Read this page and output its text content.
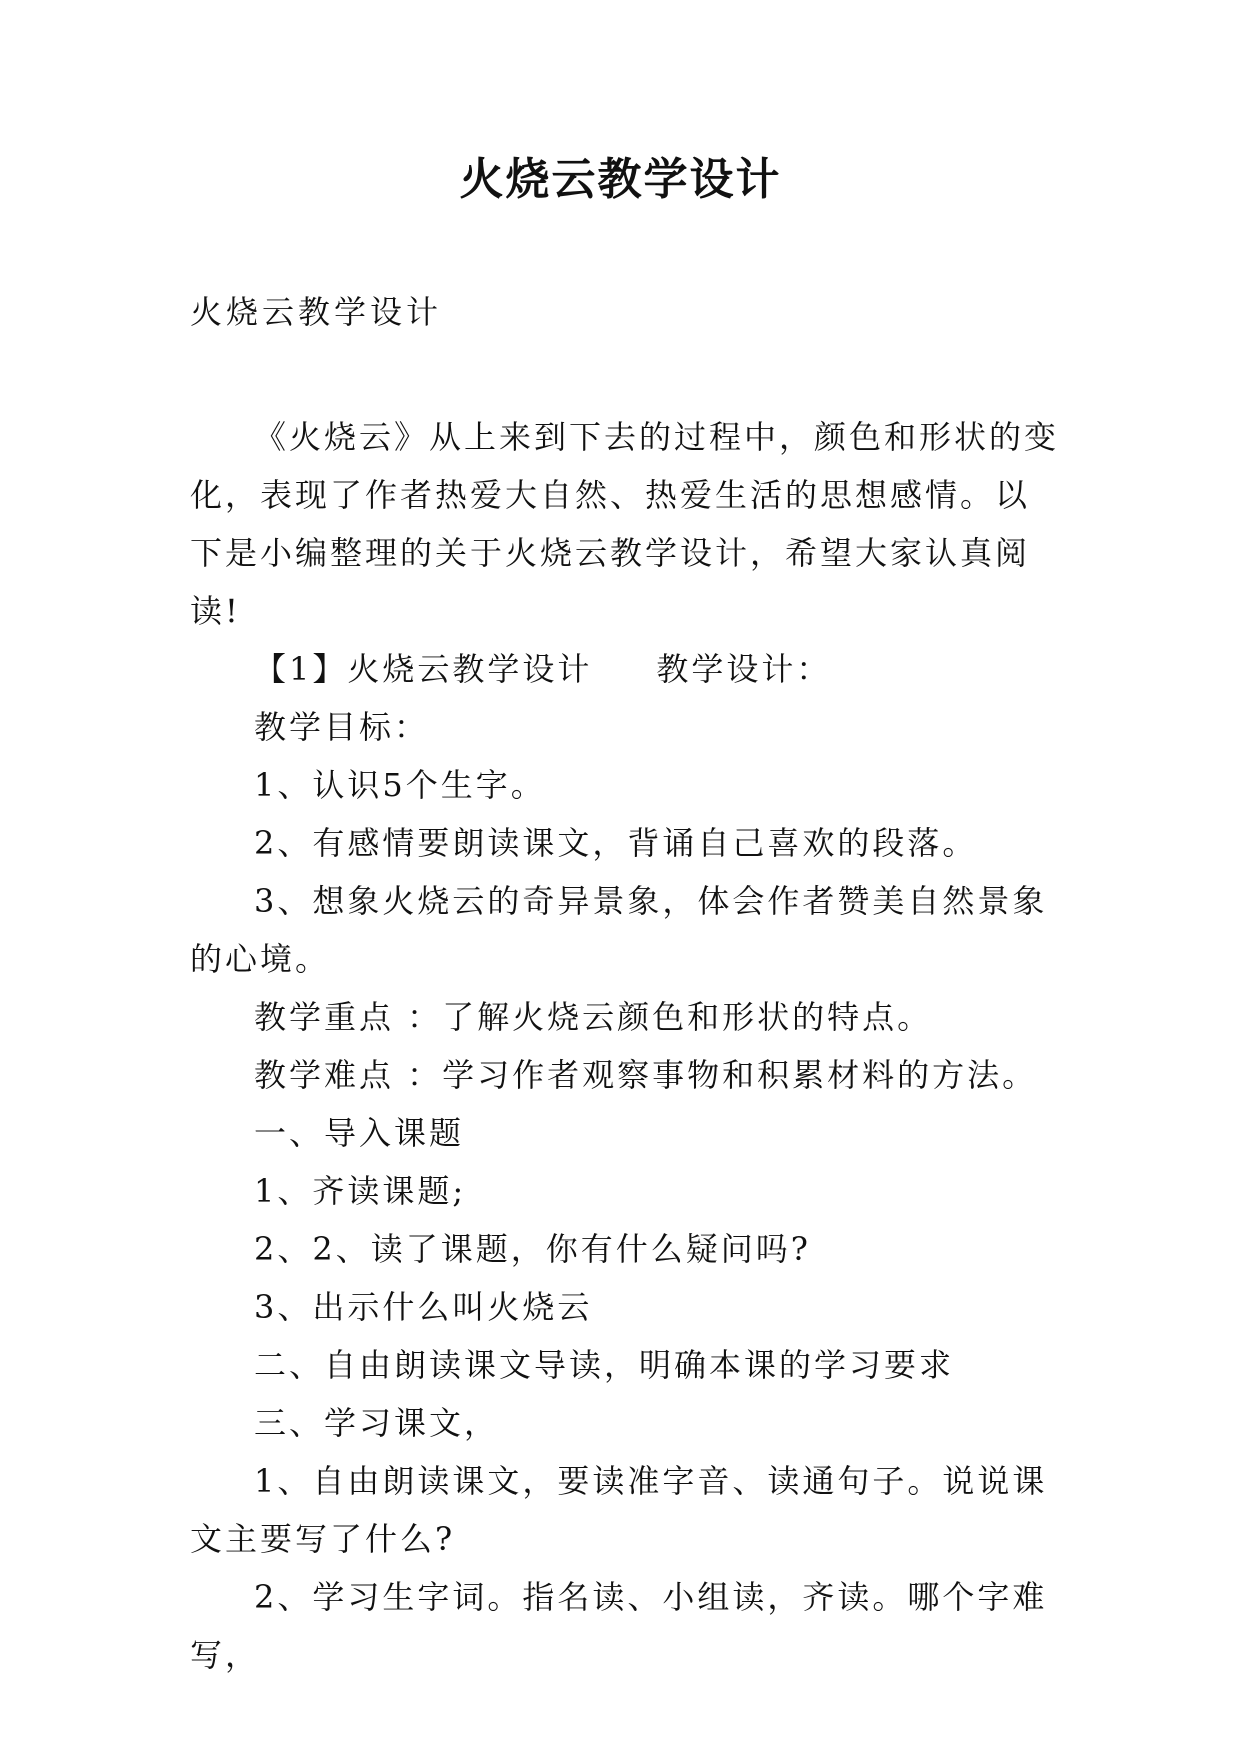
火烧云教学设计

火烧云教学设计

《火烧云》从上来到下去的过程中，颜色和形状的变化，表现了作者热爱大自然、热爱生活的思想感情。以下是小编整理的关于火烧云教学设计，希望大家认真阅读!

【1】火烧云教学设计 教学设计：

教学目标：

1、认识5个生字。

2、有感情要朗读课文，背诵自己喜欢的段落。

3、想象火烧云的奇异景象，体会作者赞美自然景象的心境。

教学重点 ：了解火烧云颜色和形状的特点。

教学难点 ：学习作者观察事物和积累材料的方法。

一、导入课题

1、齐读课题;

2、2、读了课题，你有什么疑问吗?

3、出示什么叫火烧云

二、自由朗读课文导读，明确本课的学习要求

三、学习课文，

1、自由朗读课文，要读准字音、读通句子。说说课文主要写了什么?

2、学习生字词。指名读、小组读，齐读。哪个字难写，
